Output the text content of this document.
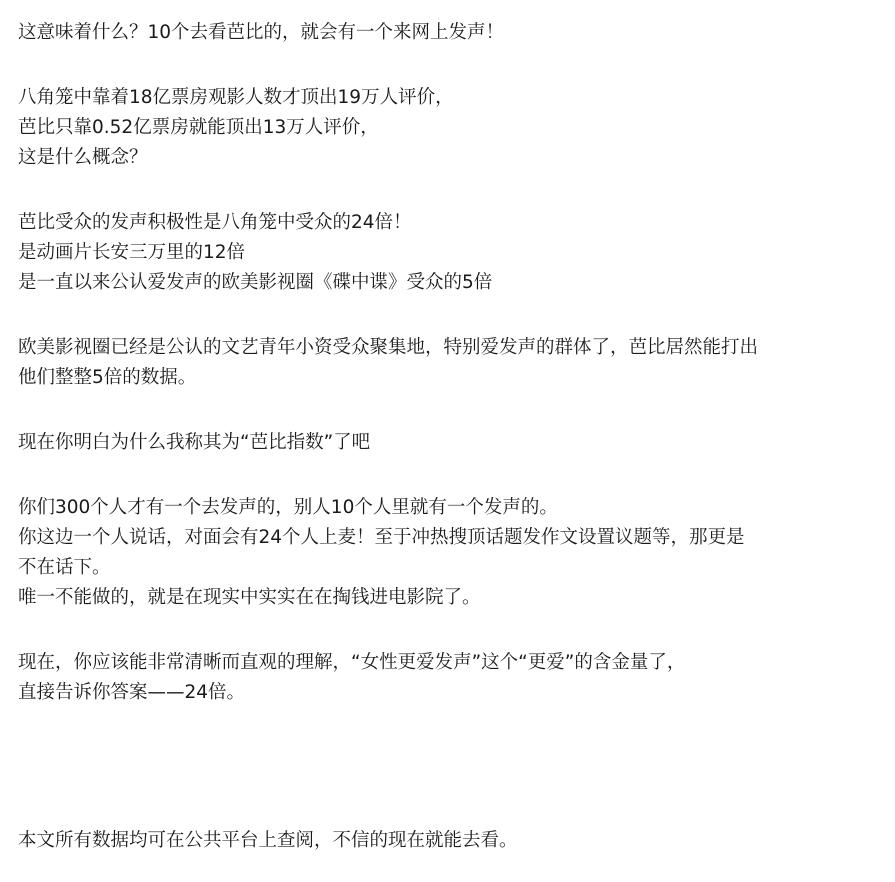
这意味着什么？10个去看芭比的，就会有一个来网上发声！
八角笼中靠着18亿票房观影人数才顶出19万人评价，
芭比只靠0.52亿票房就能顶出13万人评价，
这是什么概念？
芭比受众的发声积极性是八角笼中受众的24倍！
是动画片长安三万里的12倍
是一直以来公认爱发声的欧美影视圈《碟中谍》受众的5倍
欧美影视圈已经是公认的文艺青年小资受众聚集地，特别爱发声的群体了，芭比居然能打出
他们整整5倍的数据。
现在你明白为什么我称其为“芭比指数”了吧
你们300个人才有一个去发声的，别人10个人里就有一个发声的。
你这边一个人说话，对面会有24个人上麦！至于冲热搜顶话题发作文设置议题等，那更是
不在话下。
唯一不能做的，就是在现实中实实在在掏钱进电影院了。
现在，你应该能非常清晰而直观的理解，“女性更爱发声”这个“更爱”的含金量了，
直接告诉你答案——24倍。
本文所有数据均可在公共平台上查阅，不信的现在就能去看。
